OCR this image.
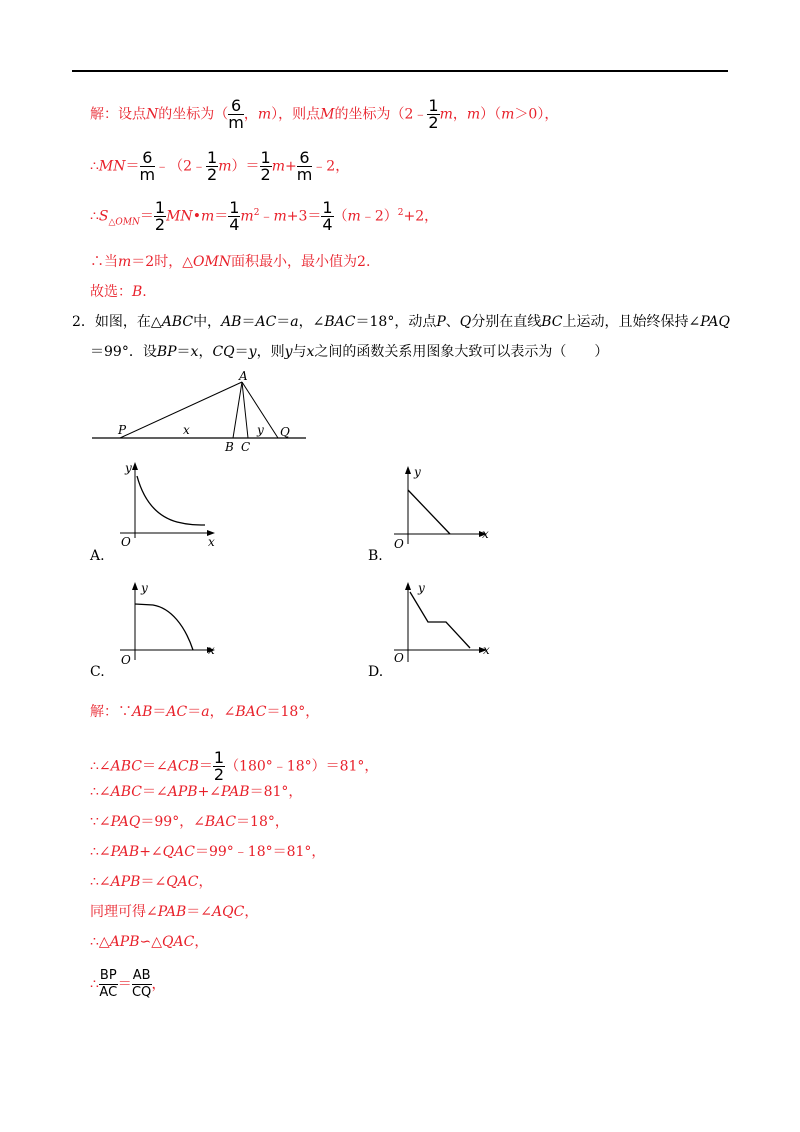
解：设点N的坐标为（ $\frac{6}{m}$ ，m），则点M的坐标为（2﹣ $\frac{1}{2}$ m，m）（m＞0），
∴MN＝ $\frac{6}{m}$ ﹣（2﹣ $\frac{1}{2} m)= \frac{1}{2} m+ \frac{6}{m}$ ﹣2，
$\therefore S_{\triangle OMN}= \frac{1}{2}$ MN•m＝ $\frac{1}{4}$ $m^2﹣m+3= \frac{1}{4}$ （m﹣2）$^2$+2，
∴当m＝2时，△OMN面积最小，最小值为2.
故选：B.
2．如图，在△ABC中，AB＝AC＝a，∠BAC＝18°，动点P、Q分别在直线BC上运动，且始终保持∠PAQ
＝99°．设BP＝x，CQ＝y，则y与x之间的函数关系用图象大致可以表示为（　　）
A
P	x
B C
y Q
y
O	x
A.
y
O
x
B.
y
O
x
C.
y
O
x
D.
解：∵AB＝AC＝a，∠BAC＝18°，
∴∠ABC＝∠ACB＝ $\frac{1}{2}$ （180°﹣18°）＝81°，
∴∠ABC＝∠APB+∠PAB＝81°，
∵∠PAQ＝99°，∠BAC＝18°，
∴∠PAB+∠QAC＝99°﹣18°＝81°，
∴∠APB＝∠QAC，
同理可得∠PAB＝∠AQC，
∴△APB∽△QAC，
∴ $\frac{BP}{AC} = \frac{AB}{CQ}$ ，
